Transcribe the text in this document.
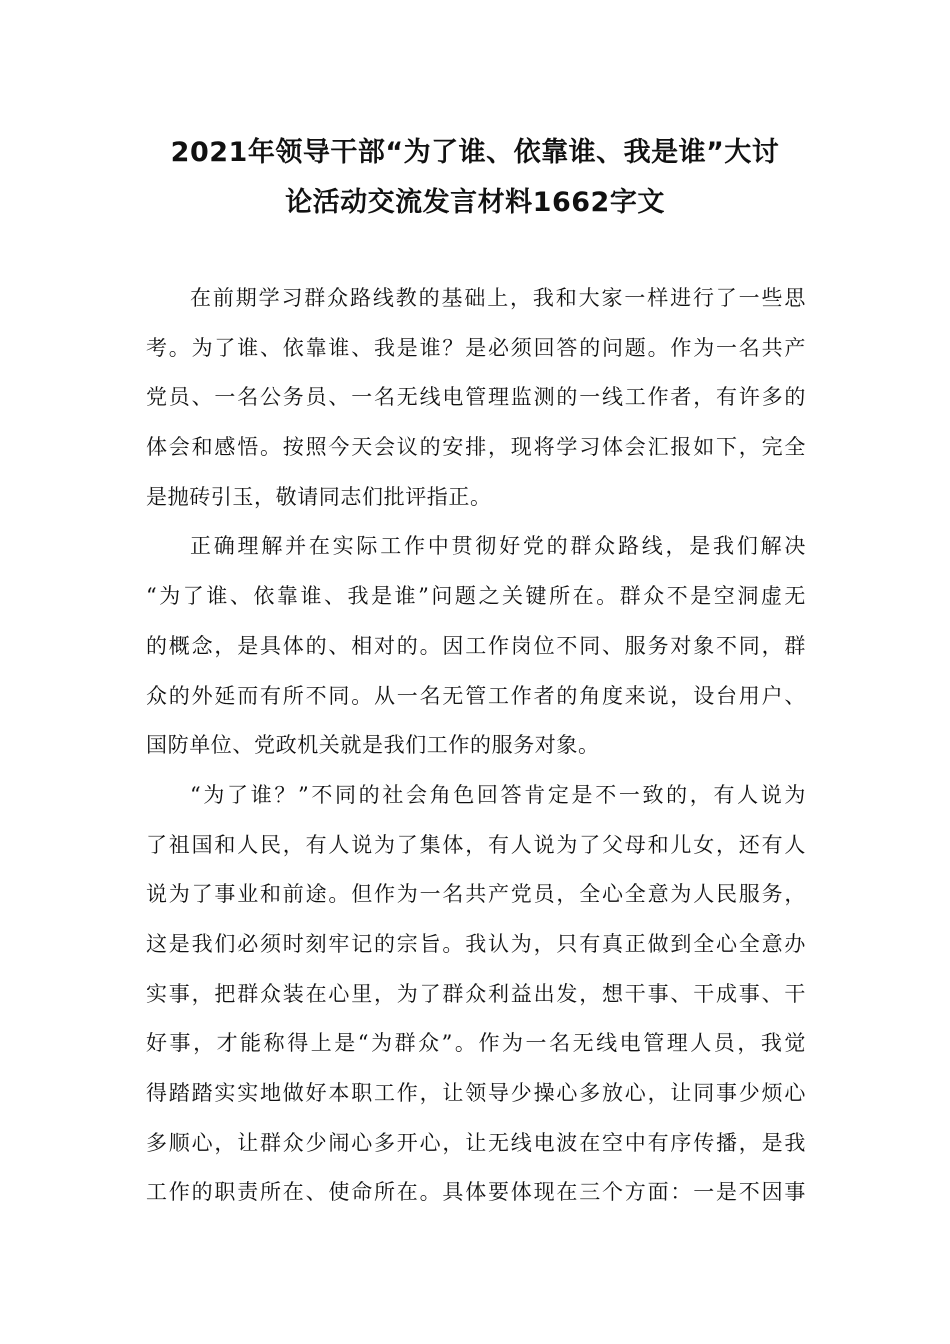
2021年领导干部“为了谁、依靠谁、我是谁”大讨
论活动交流发言材料1662字文
在前期学习群众路线教的基础上，我和大家一样进行了一些思
考。为了谁、依靠谁、我是谁？是必须回答的问题。作为一名共产
党员、一名公务员、一名无线电管理监测的一线工作者，有许多的
体会和感悟。按照今天会议的安排，现将学习体会汇报如下，完全
是抛砖引玉，敬请同志们批评指正。
正确理解并在实际工作中贯彻好党的群众路线，是我们解决
“为了谁、依靠谁、我是谁”问题之关键所在。群众不是空洞虚无
的概念，是具体的、相对的。因工作岗位不同、服务对象不同，群
众的外延而有所不同。从一名无管工作者的角度来说，设台用户、
国防单位、党政机关就是我们工作的服务对象。
“为了谁？”不同的社会角色回答肯定是不一致的，有人说为
了祖国和人民，有人说为了集体，有人说为了父母和儿女，还有人
说为了事业和前途。但作为一名共产党员，全心全意为人民服务，
这是我们必须时刻牢记的宗旨。我认为，只有真正做到全心全意办
实事，把群众装在心里，为了群众利益出发，想干事、干成事、干
好事，才能称得上是“为群众”。作为一名无线电管理人员，我觉
得踏踏实实地做好本职工作，让领导少操心多放心，让同事少烦心
多顺心，让群众少闹心多开心，让无线电波在空中有序传播，是我
工作的职责所在、使命所在。具体要体现在三个方面：一是不因事
